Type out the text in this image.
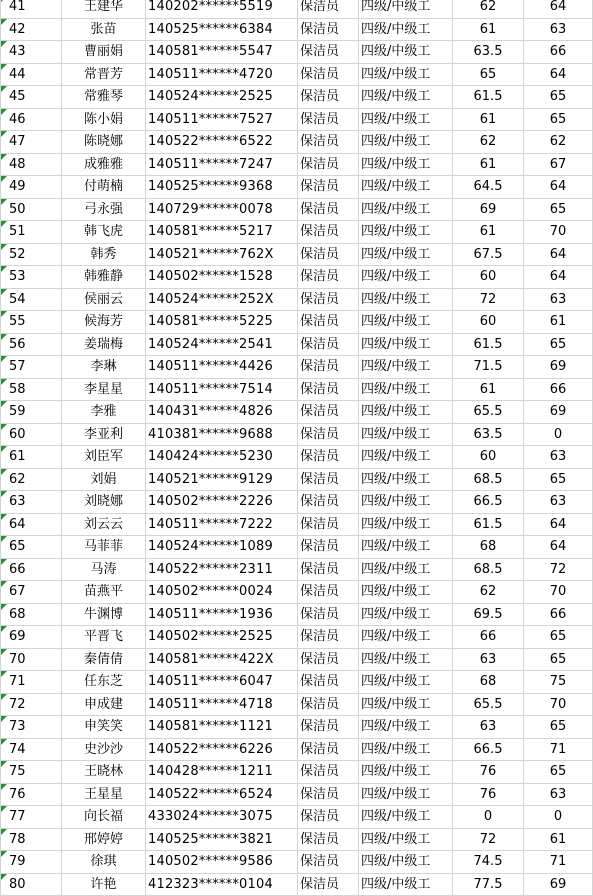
41	王建华	140202******5519	保洁员	四级/中级工	62	64

42	张苗	140525******6384	保洁员	四级/中级工	61	63

43	曹丽娟	140581******5547	保洁员	四级/中级工	63.5	66

44	常晋芳	140511******4720	保洁员	四级/中级工	65	64

45	常雅琴	140524******2525	保洁员	四级/中级工	61.5	65

46	陈小娟	140511******7527	保洁员	四级/中级工	61	65

47	陈晓娜	140522******6522	保洁员	四级/中级工	62	62

48	成雅雅	140511******7247	保洁员	四级/中级工	61	67

49	付萌楠	140525******9368	保洁员	四级/中级工	64.5	64

50	弓永强	140729******0078	保洁员	四级/中级工	69	65

51	韩飞虎	140581******5217	保洁员	四级/中级工	61	70

52	韩秀	140521******762X	保洁员	四级/中级工	67.5	64

53	韩雅静	140502******1528	保洁员	四级/中级工	60	64

54	侯丽云	140524******252X	保洁员	四级/中级工	72	63

55	候海芳	140581******5225	保洁员	四级/中级工	60	61

56	姜瑞梅	140524******2541	保洁员	四级/中级工	61.5	65

57	李琳	140511******4426	保洁员	四级/中级工	71.5	69

58	李星星	140511******7514	保洁员	四级/中级工	61	66

59	李雅	140431******4826	保洁员	四级/中级工	65.5	69

60	李亚利	410381******9688	保洁员	四级/中级工	63.5	0

61	刘臣军	140424******5230	保洁员	四级/中级工	60	63

62	刘娟	140521******9129	保洁员	四级/中级工	68.5	65

63	刘晓娜	140502******2226	保洁员	四级/中级工	66.5	63

64	刘云云	140511******7222	保洁员	四级/中级工	61.5	64

65	马菲菲	140524******1089	保洁员	四级/中级工	68	64

66	马涛	140522******2311	保洁员	四级/中级工	68.5	72

67	苗燕平	140502******0024	保洁员	四级/中级工	62	70

68	牛渊博	140511******1936	保洁员	四级/中级工	69.5	66

69	平晋飞	140502******2525	保洁员	四级/中级工	66	65

70	秦倩倩	140581******422X	保洁员	四级/中级工	63	65

71	任东芝	140511******6047	保洁员	四级/中级工	68	75

72	申成建	140511******4718	保洁员	四级/中级工	65.5	70

73	申笑笑	140581******1121	保洁员	四级/中级工	63	65

74	史沙沙	140522******6226	保洁员	四级/中级工	66.5	71

75	王晓林	140428******1211	保洁员	四级/中级工	76	65

76	王星星	140522******6524	保洁员	四级/中级工	76	63

77	向长福	433024******3075	保洁员	四级/中级工	0	0

78	邢婷婷	140525******3821	保洁员	四级/中级工	72	61

79	徐琪	140502******9586	保洁员	四级/中级工	74.5	71

80	许艳	412323******0104	保洁员	四级/中级工	77.5	69
